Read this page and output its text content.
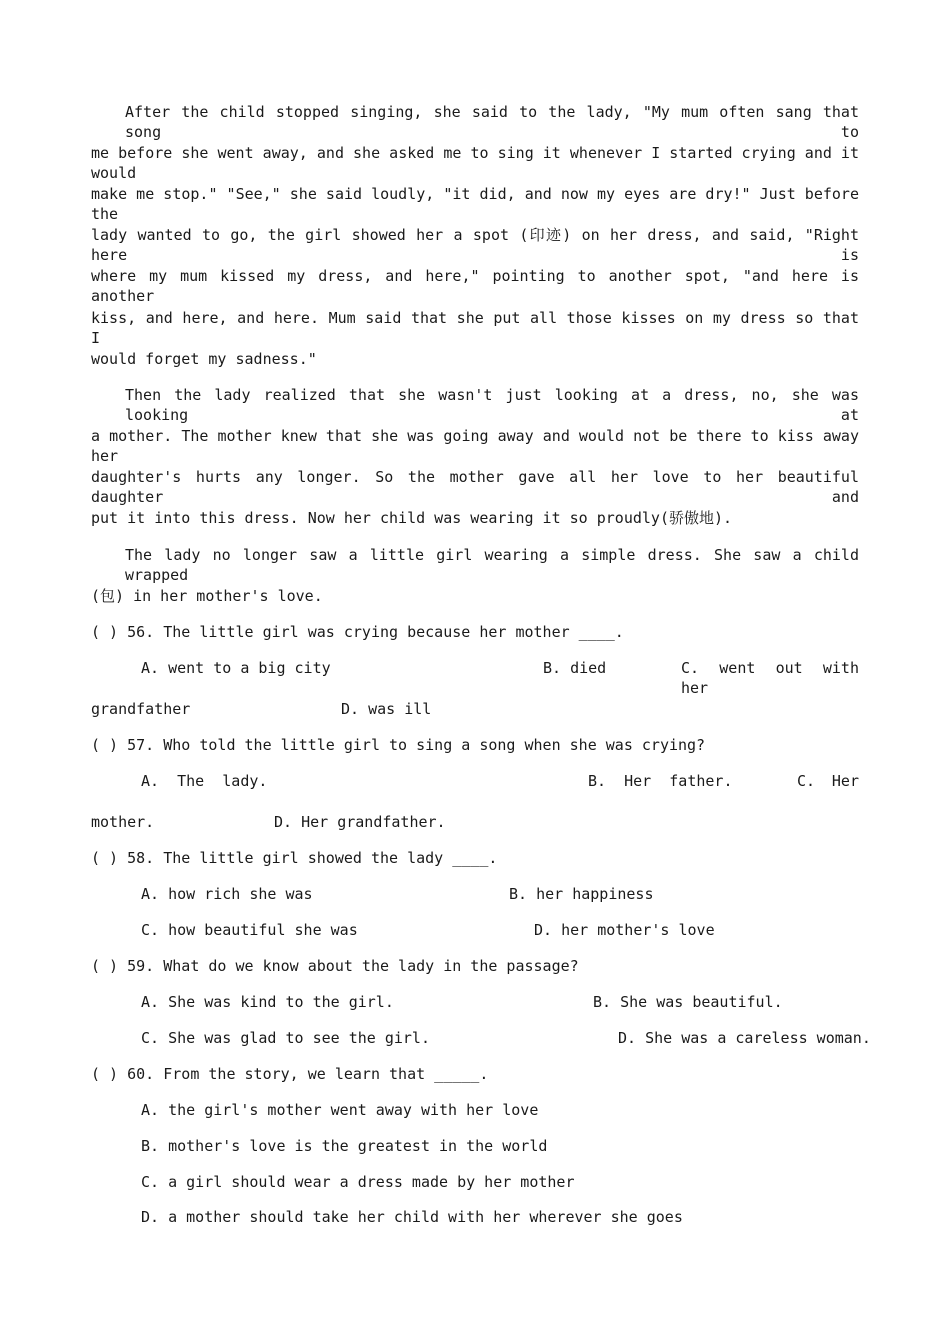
After the child stopped singing, she said to the lady, "My mum often sang that song to
me before she went away, and she asked me to sing it whenever I started crying and it would
make me stop." "See," she said loudly, "it did, and now my eyes are dry!" Just before the
lady wanted to go, the girl showed her a spot (印迹) on her dress, and said, "Right here is
where my mum kissed my dress, and here," pointing to another spot, "and here is another
kiss, and here, and here. Mum said that she put all those kisses on my dress so that I
would forget my sadness."
Then the lady realized that she wasn't just looking at a dress, no, she was looking at
a mother. The mother knew that she was going away and would not be there to kiss away her
daughter's hurts any longer. So the mother gave all her love to her beautiful daughter and
put it into this dress. Now her child was wearing it so proudly(骄傲地).
The lady no longer saw a little girl wearing a simple dress. She saw a child wrapped
(包) in her mother's love.
( ) 56. The little girl was crying because her mother ____.
A. went to a big city	B. died	C. went out with her
grandfather	D. was ill
( ) 57. Who told the little girl to sing a song when she was crying?
A.  The  lady.	B.  Her  father.	C. Her
mother.	D. Her grandfather.
( ) 58. The little girl showed the lady ____.
A. how rich she was	B. her happiness
C. how beautiful she was	D. her mother's love
( ) 59. What do we know about the lady in the passage?
A. She was kind to the girl.	B. She was beautiful.
C. She was glad to see the girl.	D. She was a careless woman.
( ) 60. From the story, we learn that _____.
A. the girl's mother went away with her love
B. mother's love is the greatest in the world
C. a girl should wear a dress made by her mother
D. a mother should take her child with her wherever she goes
